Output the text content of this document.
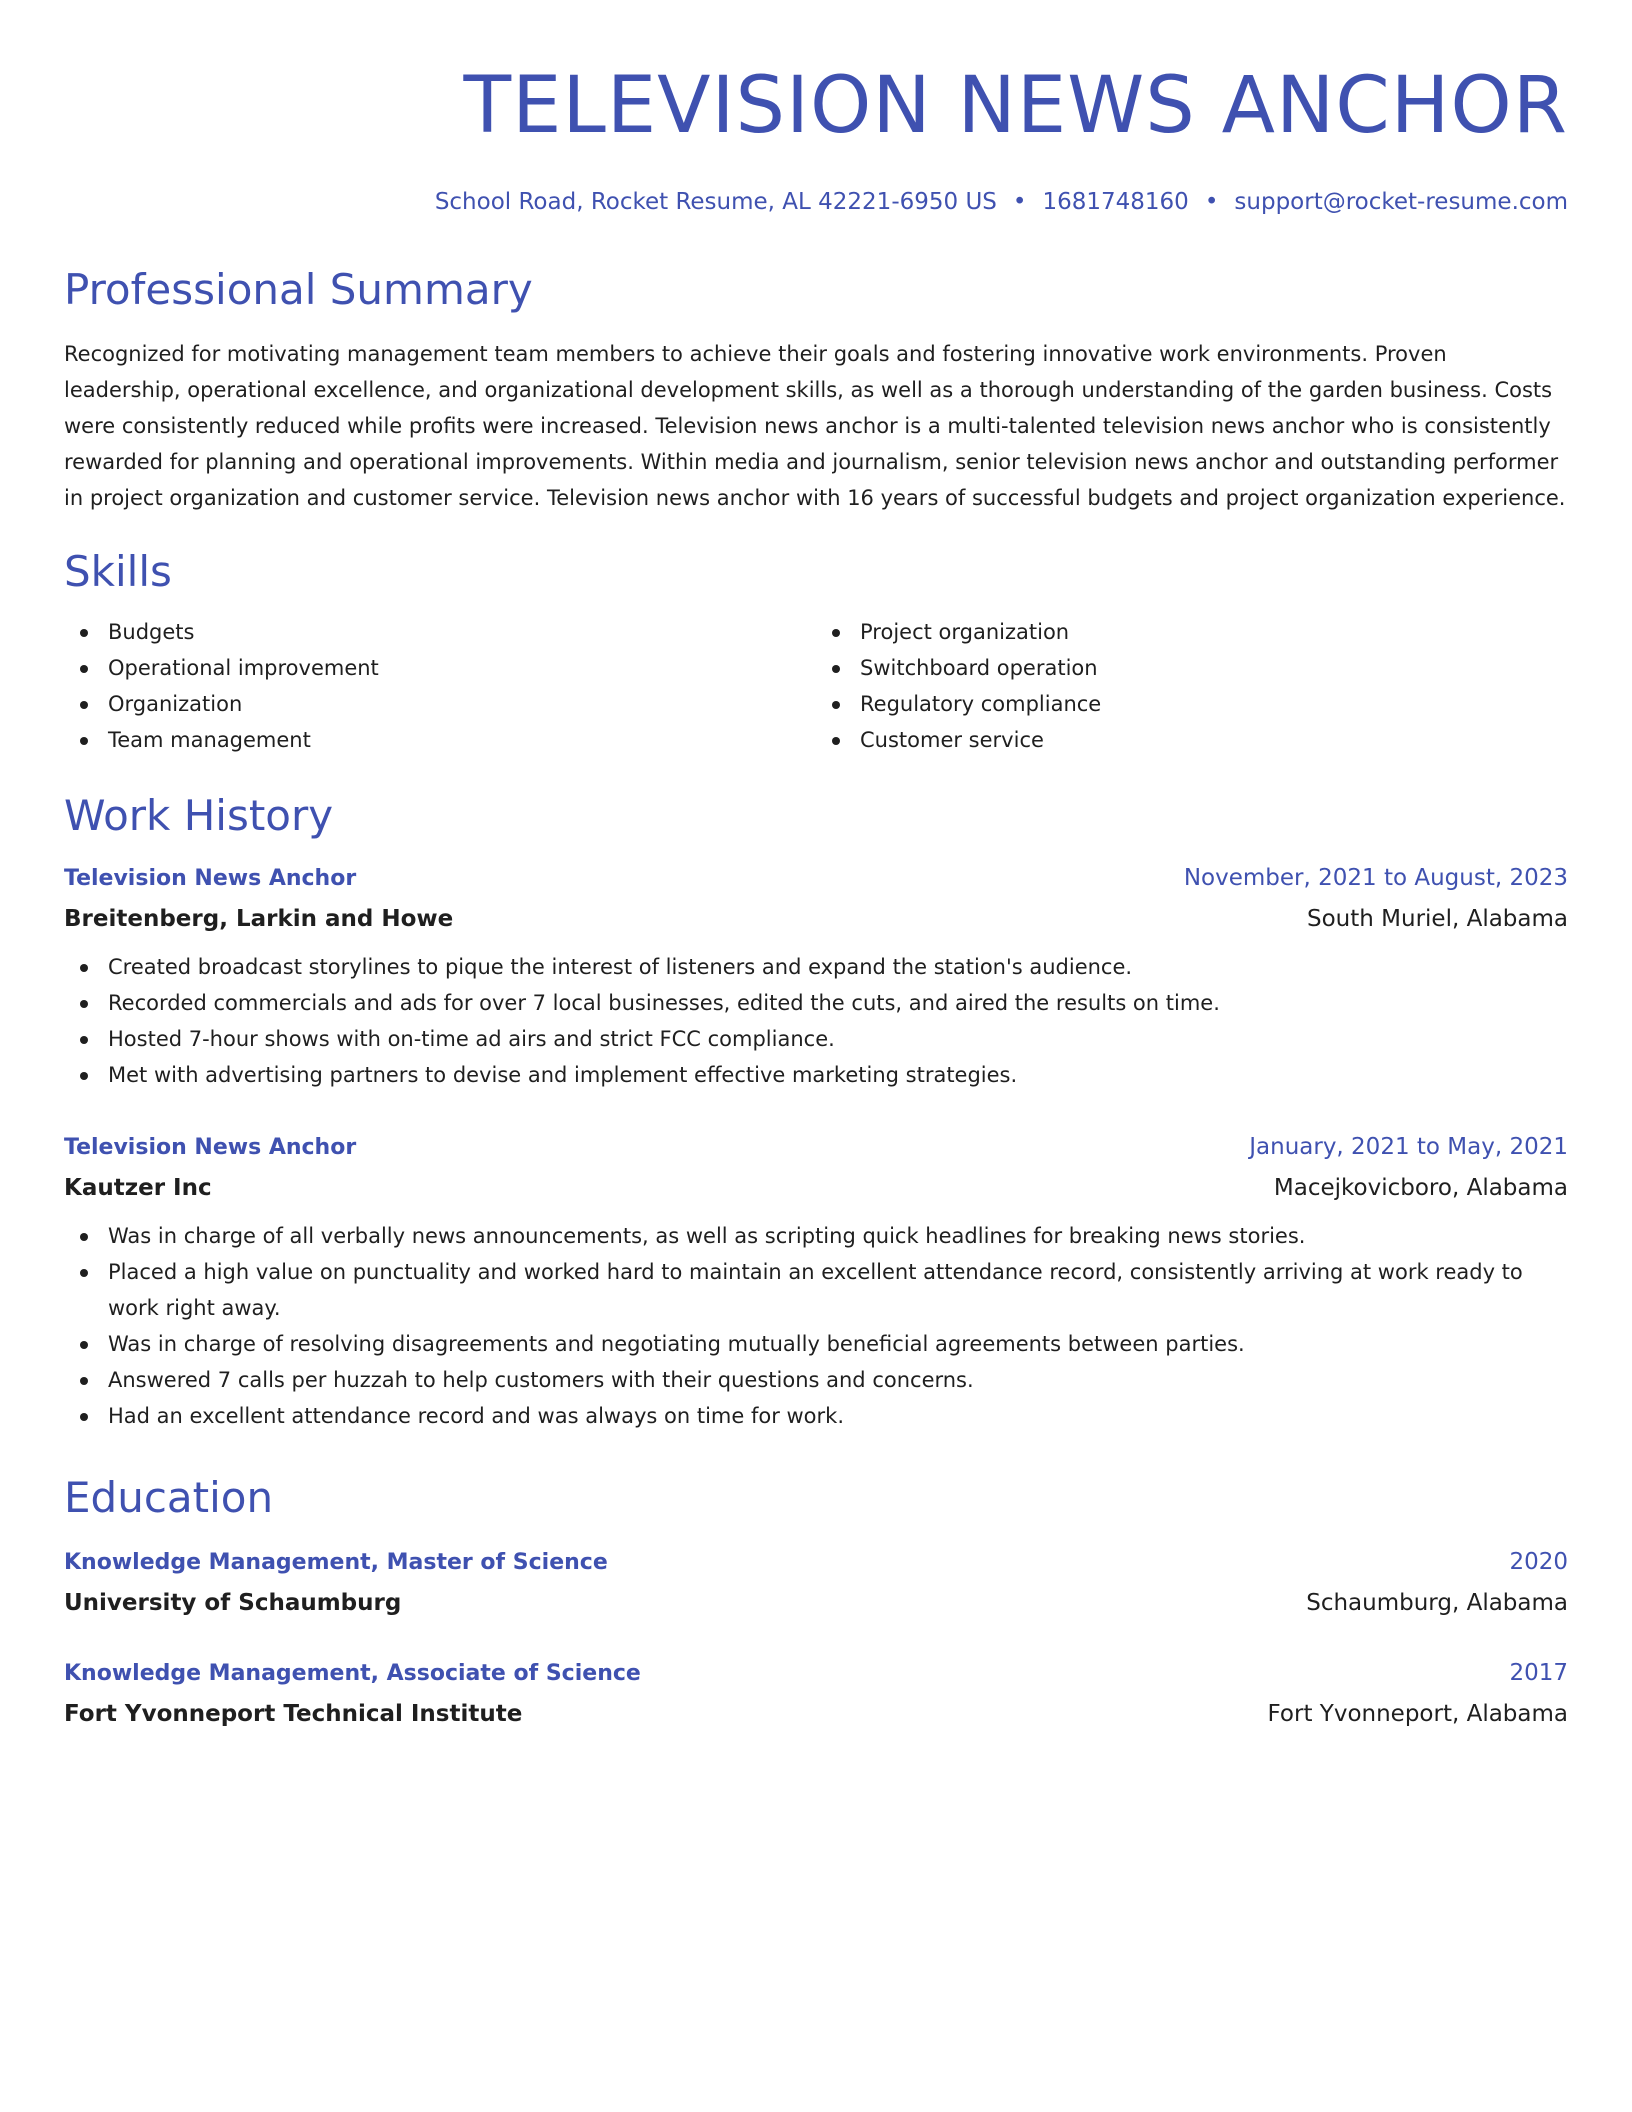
TELEVISION NEWS ANCHOR
School Road, Rocket Resume, AL 42221-6950 US • 1681748160 • support@rocket-resume.com
Professional Summary
Recognized for motivating management team members to achieve their goals and fostering innovative work environments. Proven leadership, operational excellence, and organizational development skills, as well as a thorough understanding of the garden business. Costs were consistently reduced while profits were increased. Television news anchor is a multi-talented television news anchor who is consistently rewarded for planning and operational improvements. Within media and journalism, senior television news anchor and outstanding performer in project organization and customer service. Television news anchor with 16 years of successful budgets and project organization experience.
Skills
Budgets
Operational improvement
Organization
Team management
Project organization
Switchboard operation
Regulatory compliance
Customer service
Work History
Television News Anchor	November, 2021 to August, 2023
Breitenberg, Larkin and Howe	South Muriel, Alabama
Created broadcast storylines to pique the interest of listeners and expand the station's audience.
Recorded commercials and ads for over 7 local businesses, edited the cuts, and aired the results on time.
Hosted 7-hour shows with on-time ad airs and strict FCC compliance.
Met with advertising partners to devise and implement effective marketing strategies.
Television News Anchor	January, 2021 to May, 2021
Kautzer Inc	Macejkovicboro, Alabama
Was in charge of all verbally news announcements, as well as scripting quick headlines for breaking news stories.
Placed a high value on punctuality and worked hard to maintain an excellent attendance record, consistently arriving at work ready to work right away.
Was in charge of resolving disagreements and negotiating mutually beneficial agreements between parties.
Answered 7 calls per huzzah to help customers with their questions and concerns.
Had an excellent attendance record and was always on time for work.
Education
Knowledge Management, Master of Science	2020
University of Schaumburg	Schaumburg, Alabama
Knowledge Management, Associate of Science	2017
Fort Yvonneport Technical Institute	Fort Yvonneport, Alabama
